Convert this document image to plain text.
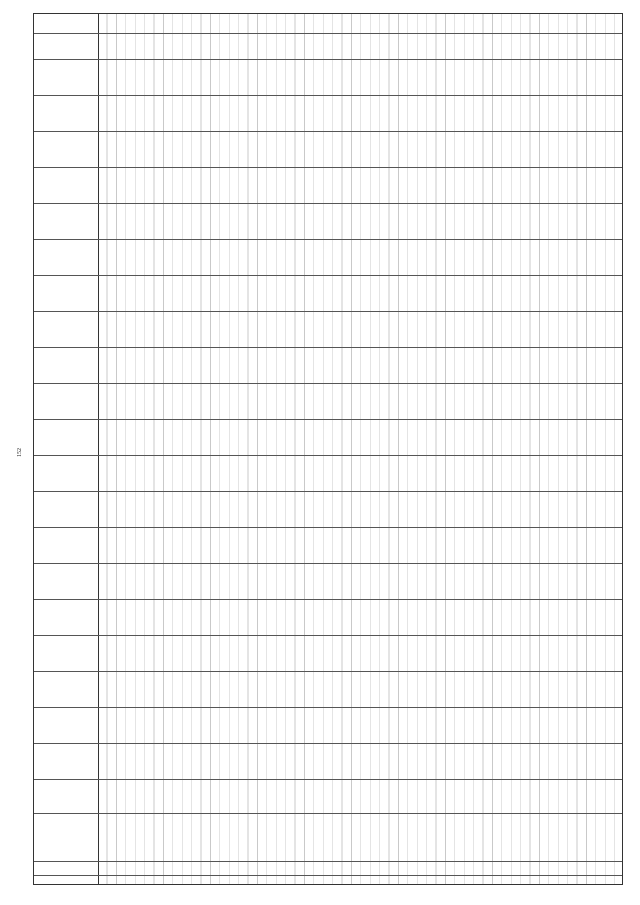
152
